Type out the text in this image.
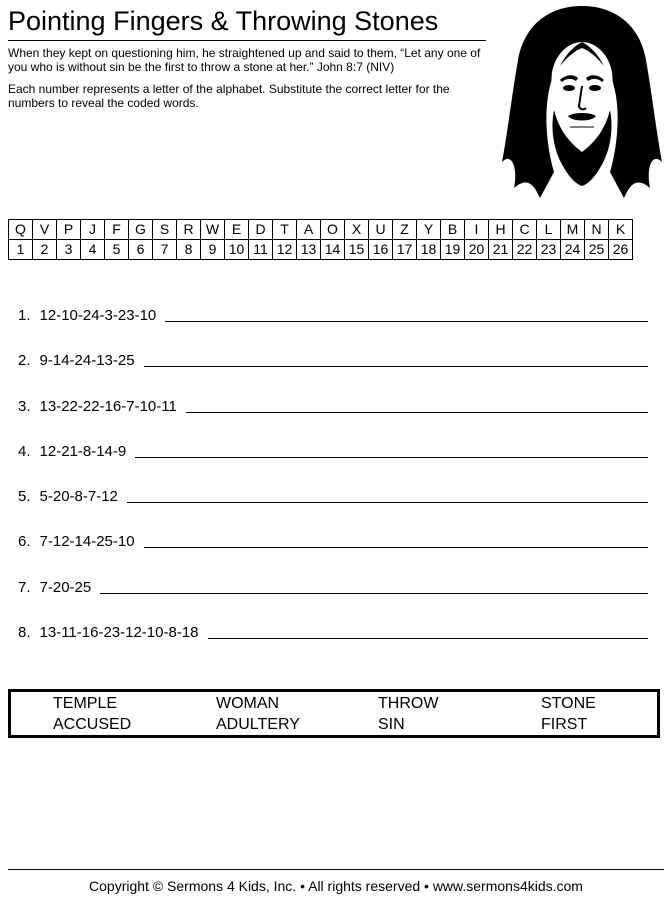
Pointing Fingers & Throwing Stones
When they kept on questioning him, he straightened up and said to them, “Let any one of you who is without sin be the first to throw a stone at her.” John 8:7 (NIV)
Each number represents a letter of the alphabet. Substitute the correct letter for the numbers to reveal the coded words.
Q	V	P	J	F	G	S	R	W	E	D	T	A	O	X	U	Z	Y	B	I	H	C	L	M	N	K
1	2	3	4	5	6	7	8	9	10	11	12	13	14	15	16	17	18	19	20	21	22	23	24	25	26
1. 12-10-24-3-23-10
2. 9-14-24-13-25
3. 13-22-22-16-7-10-11
4. 12-21-8-14-9
5. 5-20-8-7-12
6. 7-12-14-25-10
7. 7-20-25
8. 13-11-16-23-12-10-8-18
TEMPLE	WOMAN	THROW	STONE
ACCUSED	ADULTERY	SIN	FIRST
Copyright © Sermons 4 Kids, Inc. • All rights reserved • www.sermons4kids.com
